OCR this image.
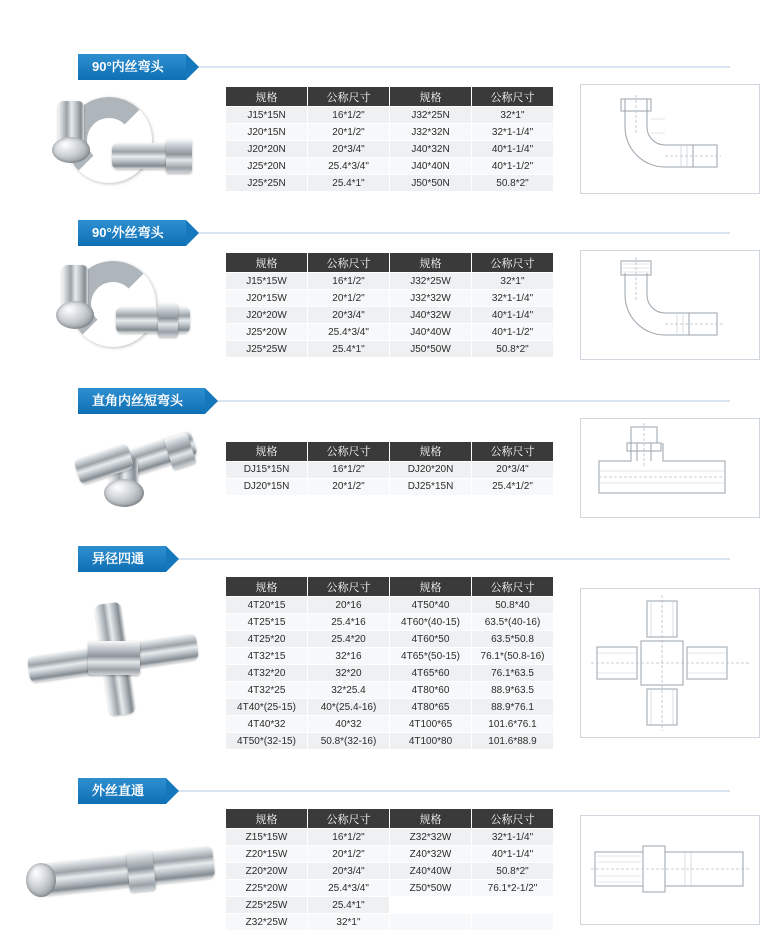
90°内丝弯头
规格	公称尺寸	规格	公称尺寸
J15*15N	16*1/2"	J32*25N	32*1"
J20*15N	20*1/2"	J32*32N	32*1-1/4"
J20*20N	20*3/4"	J40*32N	40*1-1/4"
J25*20N	25.4*3/4"	J40*40N	40*1-1/2"
J25*25N	25.4*1"	J50*50N	50.8*2"
90°外丝弯头
规格	公称尺寸	规格	公称尺寸
J15*15W	16*1/2"	J32*25W	32*1"
J20*15W	20*1/2"	J32*32W	32*1-1/4"
J20*20W	20*3/4"	J40*32W	40*1-1/4"
J25*20W	25.4*3/4"	J40*40W	40*1-1/2"
J25*25W	25.4*1"	J50*50W	50.8*2"
直角内丝短弯头
规格	公称尺寸	规格	公称尺寸
DJ15*15N	16*1/2"	DJ20*20N	20*3/4"
DJ20*15N	20*1/2"	DJ25*15N	25.4*1/2"
异径四通
规格	公称尺寸	规格	公称尺寸
4T20*15	20*16	4T50*40	50.8*40
4T25*15	25.4*16	4T60*(40-15)	63.5*(40-16)
4T25*20	25.4*20	4T60*50	63.5*50.8
4T32*15	32*16	4T65*(50-15)	76.1*(50.8-16)
4T32*20	32*20	4T65*60	76.1*63.5
4T32*25	32*25.4	4T80*60	88.9*63.5
4T40*(25-15)	40*(25.4-16)	4T80*65	88.9*76.1
4T40*32	40*32	4T100*65	101.6*76.1
4T50*(32-15)	50.8*(32-16)	4T100*80	101.6*88.9
外丝直通
规格	公称尺寸	规格	公称尺寸
Z15*15W	16*1/2"	Z32*32W	32*1-1/4"
Z20*15W	20*1/2"	Z40*32W	40*1-1/4"
Z20*20W	20*3/4"	Z40*40W	50.8*2"
Z25*20W	25.4*3/4"	Z50*50W	76.1*2-1/2"
Z25*25W	25.4*1"		
Z32*25W	32*1"		
